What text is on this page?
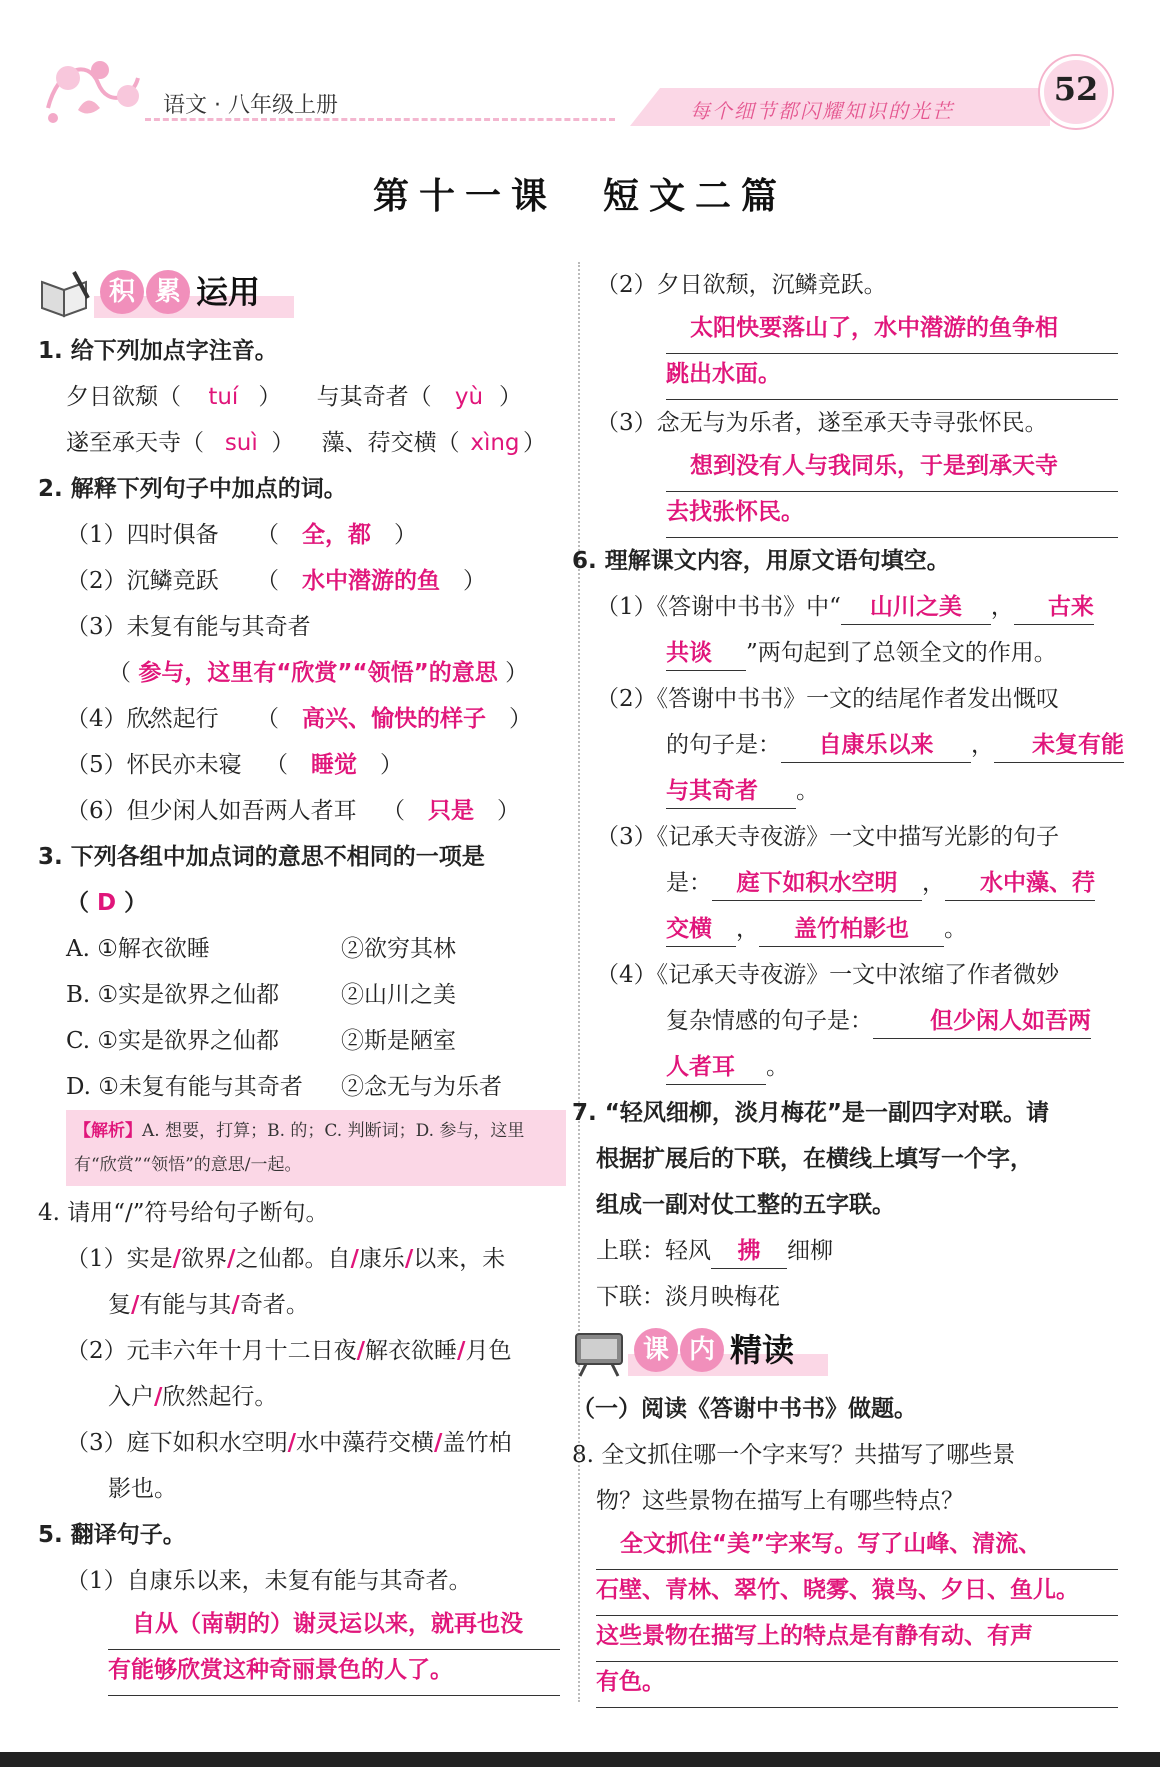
语文 · 八年级上册	每个细节都闪耀知识的光芒
52
第十一课　短文二篇
积 累 运用
1. 给下列加点字注音。
夕日欲颓 •（ tuí ） 与其 •奇者（ yù ）
遂 •至承天寺（ suì ） 藻、荇 •交横（ xìng ）
2. 解释下列句子中加点的词。
（1）四时俱 •备 （　全，都　）
（2）沉鳞 •竞跃 （　水中潜游的鱼　）
（3）未复有能与 •其奇者
（ 参与，这里有“欣赏”“领悟”的意思 ）
（4）欣然 •起行 （　高兴、愉快的样子　）
（5）怀民亦未寝 • （　睡觉　）
（6）但少闲人如吾两人者耳 （　只是　）
3. 下列各组中加点词的意思不相同的一项是
（ D ）
A. ①解衣欲睡	②欲穷其林
B. ①实是欲界之仙都	②山川之美
C. ①实是欲界之仙都	②斯是陋室
D. ①未复有能与其奇者	②念无与为乐者
【解析】A. 想要，打算；B. 的；C. 判断词；D. 参与，这里有“欣赏”“领悟”的意思/一起。
4. 请用“/”符号给句子断句。
（1）实是/欲界/之仙都。自/康乐/以来，未
复/有能与其/奇者。
（2）元丰六年十月十二日夜/解衣欲睡/月色
入户/欣然起行。
（3）庭下如积水空明/水中藻荇交横/盖竹柏
影也。
5. 翻译句子。
（1）自康乐以来，未复有能与其奇者。
自从（南朝的）谢灵运以来，就再也没
有能够欣赏这种奇丽景色的人了。
（2）夕日欲颓，沉鳞竞跃。
太阳快要落山了，水中潜游的鱼争相
跳出水面。
（3）念无与为乐者，遂至承天寺寻张怀民。
想到没有人与我同乐，于是到承天寺
去找张怀民。
6. 理解课文内容，用原文语句填空。
（1）《答谢中书书》中“ 山川之美 ， 古来
共谈 ”两句起到了总领全文的作用。
（2）《答谢中书书》一文的结尾作者发出慨叹
的句子是： 自康乐以来 ， 未复有能
与其奇者 。
（3）《记承天寺夜游》一文中描写光影的句子
是： 庭下如积水空明 ， 水中藻、荇
交横 ， 盖竹柏影也 。
（4）《记承天寺夜游》一文中浓缩了作者微妙
复杂情感的句子是： 但少闲人如吾两
人者耳 。
7. “轻风细柳，淡月梅花”是一副四字对联。请
根据扩展后的下联，在横线上填写一个字，
组成一副对仗工整的五字联。
上联：轻风 拂 细柳
下联：淡月映梅花
课 内 精读
（一）阅读《答谢中书书》做题。
8. 全文抓住哪一个字来写？共描写了哪些景
物？这些景物在描写上有哪些特点？
全文抓住“美”字来写。写了山峰、清流、
石壁、青林、翠竹、晓雾、猿鸟、夕日、鱼儿。
这些景物在描写上的特点是有静有动、有声
有色。
